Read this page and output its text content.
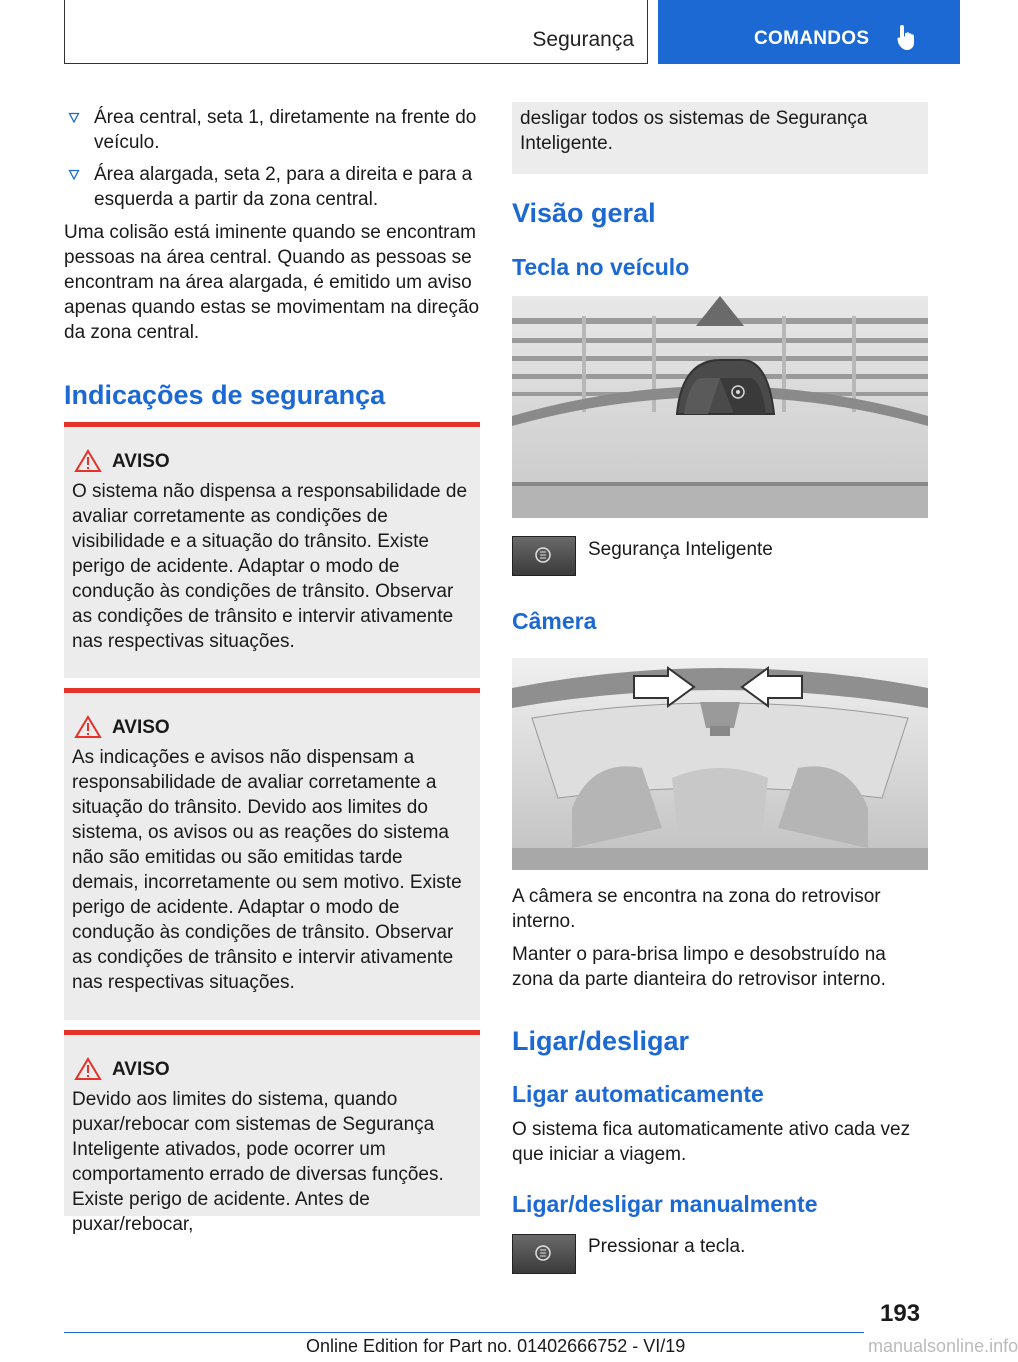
Segurança	COMANDOS
Área central, seta 1, diretamente na frente do veículo.
Área alargada, seta 2, para a direita e para a esquerda a partir da zona central.
Uma colisão está iminente quando se encontram pessoas na área central. Quando as pessoas se encontram na área alargada, é emitido um aviso apenas quando estas se movimentam na direção da zona central.
Indicações de segurança
AVISO
O sistema não dispensa a responsabilidade de avaliar corretamente as condições de visibilidade e a situação do trânsito. Existe perigo de acidente. Adaptar o modo de condução às condições de trânsito. Observar as condições de trânsito e intervir ativamente nas respectivas situações.
AVISO
As indicações e avisos não dispensam a responsabilidade de avaliar corretamente a situação do trânsito. Devido aos limites do sistema, os avisos ou as reações do sistema não são emitidas ou são emitidas tarde demais, incorretamente ou sem motivo. Existe perigo de acidente. Adaptar o modo de condução às condições de trânsito. Observar as condições de trânsito e intervir ativamente nas respectivas situações.
AVISO
Devido aos limites do sistema, quando puxar/rebocar com sistemas de Segurança Inteligente ativados, pode ocorrer um comportamento errado de diversas funções. Existe perigo de acidente. Antes de puxar/rebocar,
desligar todos os sistemas de Segurança Inteligente.
Visão geral
Tecla no veículo
Segurança Inteligente
Câmera
A câmera se encontra na zona do retrovisor interno.
Manter o para-brisa limpo e desobstruído na zona da parte dianteira do retrovisor interno.
Ligar/desligar
Ligar automaticamente
O sistema fica automaticamente ativo cada vez que iniciar a viagem.
Ligar/desligar manualmente
Pressionar a tecla.
193
Online Edition for Part no. 01402666752 - VI/19	manualsonline.info
